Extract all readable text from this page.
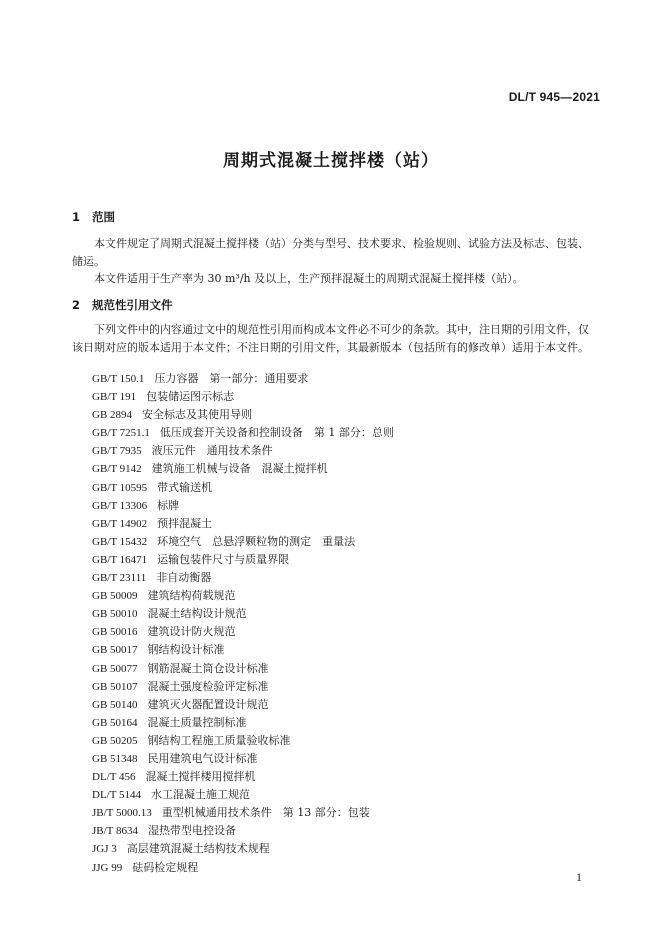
DL/T 945—2021
周期式混凝土搅拌楼（站）
1 范围

本文件规定了周期式混凝土搅拌楼（站）分类与型号、技术要求、检验规则、试验方法及标志、包装、储运。

本文件适用于生产率为 30 m³/h 及以上，生产预拌混凝土的周期式混凝土搅拌楼（站）。

2 规范性引用文件

下列文件中的内容通过文中的规范性引用而构成本文件必不可少的条款。其中，注日期的引用文件，仅该日期对应的版本适用于本文件；不注日期的引用文件，其最新版本（包括所有的修改单）适用于本文件。

GB/T 150.1 压力容器　第一部分：通用要求
GB/T 191 包装储运图示标志
GB 2894 安全标志及其使用导则
GB/T 7251.1 低压成套开关设备和控制设备　第 1 部分：总则
GB/T 7935 液压元件　通用技术条件
GB/T 9142 建筑施工机械与设备　混凝土搅拌机
GB/T 10595 带式输送机
GB/T 13306 标牌
GB/T 14902 预拌混凝土
GB/T 15432 环境空气　总悬浮颗粒物的测定　重量法
GB/T 16471 运输包装件尺寸与质量界限
GB/T 23111 非自动衡器
GB 50009 建筑结构荷载规范
GB 50010 混凝土结构设计规范
GB 50016 建筑设计防火规范
GB 50017 钢结构设计标准
GB 50077 钢筋混凝土筒仓设计标准
GB 50107 混凝土强度检验评定标准
GB 50140 建筑灭火器配置设计规范
GB 50164 混凝土质量控制标准
GB 50205 钢结构工程施工质量验收标准
GB 51348 民用建筑电气设计标准
DL/T 456 混凝土搅拌楼用搅拌机
DL/T 5144 水工混凝土施工规范
JB/T 5000.13 重型机械通用技术条件　第 13 部分：包装
JB/T 8634 湿热带型电控设备
JGJ 3 高层建筑混凝土结构技术规程
JJG 99 砝码检定规程
1
